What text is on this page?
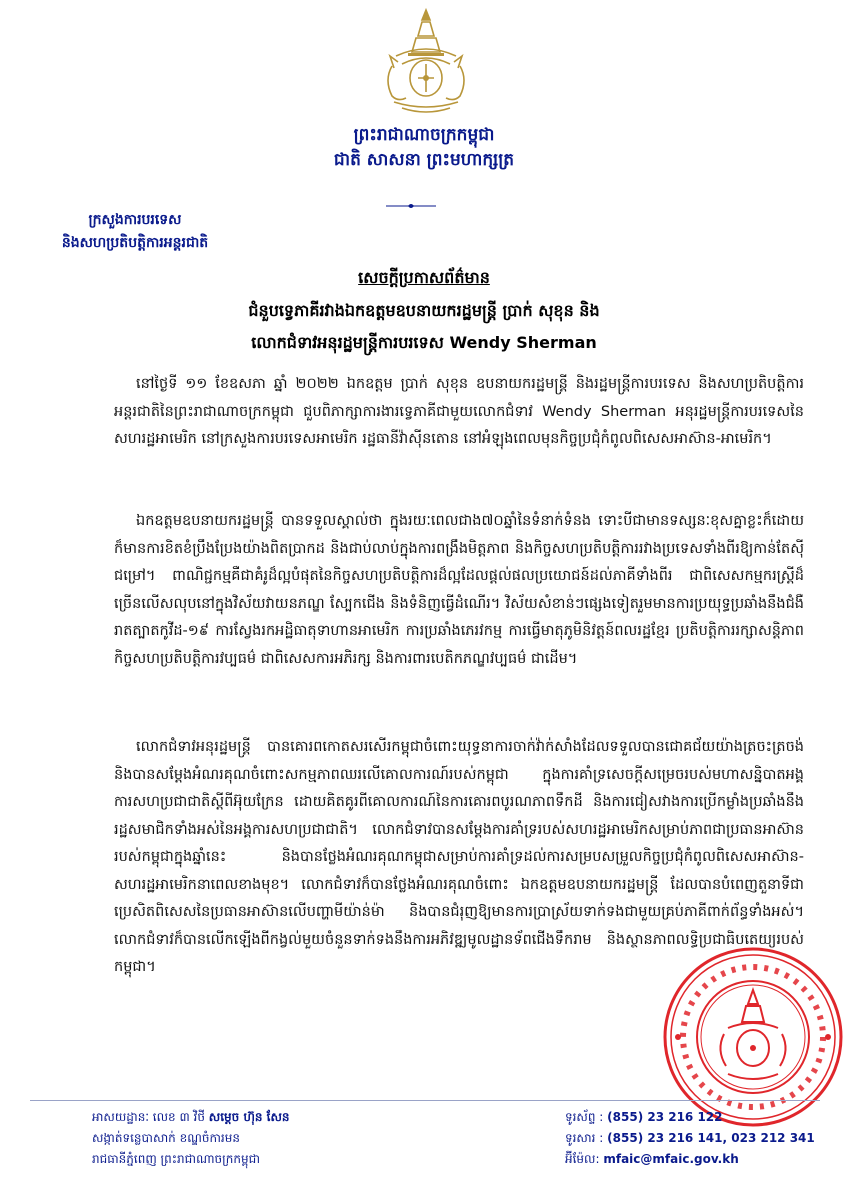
ព្រះរាជាណាចក្រកម្ពុជា
ជាតិ សាសនា ព្រះមហាក្សត្រ
ក្រសួងការបរទេស
និងសហប្រតិបត្តិការអន្តរជាតិ
សេចក្តីប្រកាសព័ត៌មាន
ជំនួបទ្វេភាគីរវាងឯកឧត្តមឧបនាយករដ្ឋមន្ត្រី ប្រាក់ សុខុន និង
លោកជំទាវអនុរដ្ឋមន្ត្រីការបរទេស Wendy Sherman

នៅថ្ងៃទី ១១ ខែឧសភា ឆ្នាំ ២០២២ ឯកឧត្តម ប្រាក់ សុខុន ឧបនាយករដ្ឋមន្ត្រី និងរដ្ឋមន្ត្រីការបរទេស និងសហប្រតិបត្តិការអន្តរជាតិនៃព្រះរាជាណាចក្រកម្ពុជា ជួបពិភាក្សាការងារទ្វេភាគីជាមួយលោកជំទាវ Wendy Sherman អនុរដ្ឋមន្ត្រីការបរទេសនៃសហរដ្ឋអាមេរិក នៅក្រសួងការបរទេសអាមេរិក រដ្ឋធានីវ៉ាស៊ីនតោន នៅអំឡុងពេលមុនកិច្ចប្រជុំកំពូលពិសេសអាស៊ាន-អាមេរិក។

ឯកឧត្តមឧបនាយករដ្ឋមន្ត្រី បានទទួលស្គាល់ថា ក្នុងរយៈពេលជាង៧០ឆ្នាំនៃទំនាក់ទំនង ទោះបីជាមានទស្សនៈខុសគ្នាខ្លះក៏ដោយ ក៏មានការខិតខំប្រឹងប្រែងយ៉ាងពិតប្រាកដ និងជាប់លាប់ក្នុងការពង្រឹងមិត្តភាព និងកិច្ចសហប្រតិបត្តិការរវាងប្រទេសទាំងពីរឱ្យកាន់តែស៊ីជម្រៅ។ ពាណិជ្ជកម្មគឺជាគំរូដ៏ល្អបំផុតនៃកិច្ចសហប្រតិបត្តិការដ៏ល្អដែលផ្តល់ផលប្រយោជន៍ដល់ភាគីទាំងពីរ ជាពិសេសកម្មករស្ត្រីដ៏ច្រើនលើសលុបនៅក្នុងវិស័យវាយនភណ្ឌ ស្បែកជើង និងទំនិញធ្វើដំណើរ។ វិស័យសំខាន់ៗផ្សេងទៀតរួមមានការប្រយុទ្ធប្រឆាំងនឹងជំងឺរាតត្បាតកូវីដ-១៩ ការស្វែងរកអដ្ឋិធាតុទាហានអាមេរិក ការប្រឆាំងភេរវកម្ម ការធ្វើមាតុភូមិនិវត្តន៍ពលរដ្ឋខ្មែរ ប្រតិបត្តិការរក្សាសន្តិភាព កិច្ចសហប្រតិបត្តិការវប្បធម៌ ជាពិសេសការអភិរក្ស និងការពារបេតិកភណ្ឌវប្បធម៌ ជាដើម។

លោកជំទាវអនុរដ្ឋមន្ត្រី បានគោរពកោតសរសើរកម្ពុជាចំពោះយុទ្ធនាការចាក់វ៉ាក់សាំងដែលទទួលបានជោគជ័យយ៉ាងត្រចះត្រចង់ និងបានសម្តែងអំណរគុណចំពោះសកម្មភាពឈរលើគោលការណ៍របស់កម្ពុជា ក្នុងការគាំទ្រសេចក្តីសម្រេចរបស់មហាសន្និបាតអង្គការសហប្រជាជាតិស្តីពីអ៊ុយក្រែន ដោយគិតគូរពីគោលការណ៍នៃការគោរពបូរណភាពទឹកដី និងការជៀសវាងការប្រើកម្លាំងប្រឆាំងនឹងរដ្ឋសមាជិកទាំងអស់នៃអង្គការសហប្រជាជាតិ។ លោកជំទាវបានសម្តែងការគាំទ្ររបស់សហរដ្ឋអាមេរិកសម្រាប់ភាពជាប្រធានអាស៊ានរបស់កម្ពុជាក្នុងឆ្នាំនេះ និងបានថ្លែងអំណរគុណកម្ពុជាសម្រាប់ការគាំទ្រដល់ការសម្របសម្រួលកិច្ចប្រជុំកំពូលពិសេសអាស៊ាន-សហរដ្ឋអាមេរិកនាពេលខាងមុខ។ លោកជំទាវក៏បានថ្លែងអំណរគុណចំពោះ ឯកឧត្តមឧបនាយករដ្ឋមន្ត្រី ដែលបានបំពេញតួនាទីជាប្រេសិតពិសេសនៃប្រធានអាស៊ានលើបញ្ហាមីយ៉ាន់ម៉ា និងបានជំរុញឱ្យមានការប្រាស្រ័យទាក់ទងជាមួយគ្រប់ភាគីពាក់ព័ន្ធទាំងអស់។ លោកជំទាវក៏បានលើកឡើងពីកង្វល់មួយចំនួនទាក់ទងនឹងការអភិវឌ្ឍមូលដ្ឋានទ័ពជើងទឹករាម និងស្ថានភាពលទ្ធិប្រជាធិបតេយ្យរបស់កម្ពុជា។

អាសយដ្ឋានៈ លេខ ៣ វិថី សម្តេច ហ៊ុន សែន
សង្កាត់ទន្លេបាសាក់ ខណ្ឌចំការមន
រាជធានីភ្នំពេញ ព្រះរាជាណាចក្រកម្ពុជា
ទូរស័ព្ទ : (855) 23 216 122
ទូរសារ : (855) 23 216 141, 023 212 341
អ៊ីម៉ែល: mfaic@mfaic.gov.kh
